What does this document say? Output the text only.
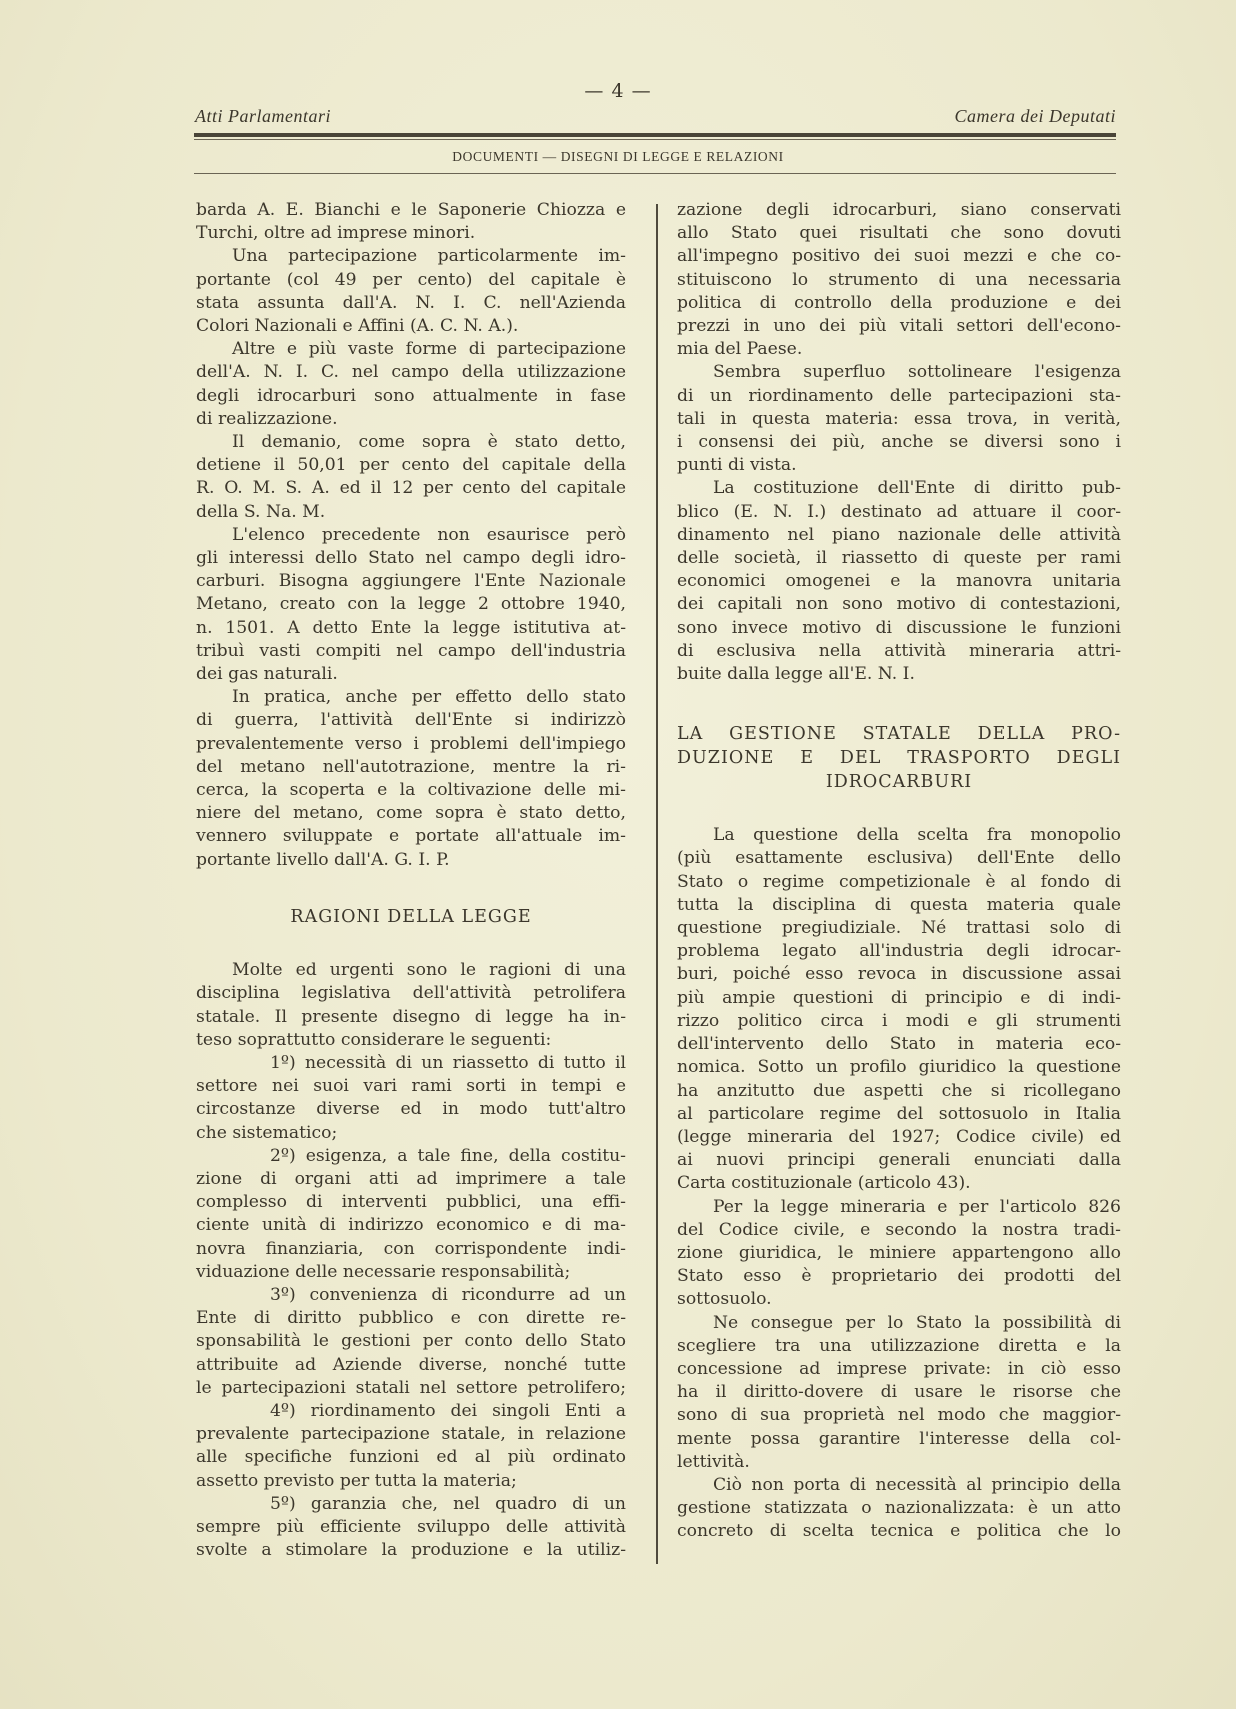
— 4 —
Atti Parlamentari	Camera dei Deputati
DOCUMENTI — DISEGNI DI LEGGE E RELAZIONI
barda A. E. Bianchi e le Saponerie Chiozza e
Turchi, oltre ad imprese minori.
Una partecipazione particolarmente im-
portante (col 49 per cento) del capitale è
stata assunta dall'A. N. I. C. nell'Azienda
Colori Nazionali e Affini (A. C. N. A.).
Altre e più vaste forme di partecipazione
dell'A. N. I. C. nel campo della utilizzazione
degli idrocarburi sono attualmente in fase
di realizzazione.
Il demanio, come sopra è stato detto,
detiene il 50,01 per cento del capitale della
R. O. M. S. A. ed il 12 per cento del capitale
della S. Na. M.
L'elenco precedente non esaurisce però
gli interessi dello Stato nel campo degli idro-
carburi. Bisogna aggiungere l'Ente Nazionale
Metano, creato con la legge 2 ottobre 1940,
n. 1501. A detto Ente la legge istitutiva at-
tribuì vasti compiti nel campo dell'industria
dei gas naturali.
In pratica, anche per effetto dello stato
di guerra, l'attività dell'Ente si indirizzò
prevalentemente verso i problemi dell'impiego
del metano nell'autotrazione, mentre la ri-
cerca, la scoperta e la coltivazione delle mi-
niere del metano, come sopra è stato detto,
vennero sviluppate e portate all'attuale im-
portante livello dall'A. G. I. P.
RAGIONI DELLA LEGGE
Molte ed urgenti sono le ragioni di una
disciplina legislativa dell'attività petrolifera
statale. Il presente disegno di legge ha in-
teso soprattutto considerare le seguenti:
1º) necessità di un riassetto di tutto il
settore nei suoi vari rami sorti in tempi e
circostanze diverse ed in modo tutt'altro
che sistematico;
2º) esigenza, a tale fine, della costitu-
zione di organi atti ad imprimere a tale
complesso di interventi pubblici, una effi-
ciente unità di indirizzo economico e di ma-
novra finanziaria, con corrispondente indi-
viduazione delle necessarie responsabilità;
3º) convenienza di ricondurre ad un
Ente di diritto pubblico e con dirette re-
sponsabilità le gestioni per conto dello Stato
attribuite ad Aziende diverse, nonché tutte
le partecipazioni statali nel settore petrolifero;
4º) riordinamento dei singoli Enti a
prevalente partecipazione statale, in relazione
alle specifiche funzioni ed al più ordinato
assetto previsto per tutta la materia;
5º) garanzia che, nel quadro di un
sempre più efficiente sviluppo delle attività
svolte a stimolare la produzione e la utiliz-
zazione degli idrocarburi, siano conservati
allo Stato quei risultati che sono dovuti
all'impegno positivo dei suoi mezzi e che co-
stituiscono lo strumento di una necessaria
politica di controllo della produzione e dei
prezzi in uno dei più vitali settori dell'econo-
mia del Paese.
Sembra superfluo sottolineare l'esigenza
di un riordinamento delle partecipazioni sta-
tali in questa materia: essa trova, in verità,
i consensi dei più, anche se diversi sono i
punti di vista.
La costituzione dell'Ente di diritto pub-
blico (E. N. I.) destinato ad attuare il coor-
dinamento nel piano nazionale delle attività
delle società, il riassetto di queste per rami
economici omogenei e la manovra unitaria
dei capitali non sono motivo di contestazioni,
sono invece motivo di discussione le funzioni
di esclusiva nella attività mineraria attri-
buite dalla legge all'E. N. I.
LA GESTIONE STATALE DELLA PRO-
DUZIONE E DEL TRASPORTO DEGLI
IDROCARBURI
La questione della scelta fra monopolio
(più esattamente esclusiva) dell'Ente dello
Stato o regime competizionale è al fondo di
tutta la disciplina di questa materia quale
questione pregiudiziale. Né trattasi solo di
problema legato all'industria degli idrocar-
buri, poiché esso revoca in discussione assai
più ampie questioni di principio e di indi-
rizzo politico circa i modi e gli strumenti
dell'intervento dello Stato in materia eco-
nomica. Sotto un profilo giuridico la questione
ha anzitutto due aspetti che si ricollegano
al particolare regime del sottosuolo in Italia
(legge mineraria del 1927; Codice civile) ed
ai nuovi principi generali enunciati dalla
Carta costituzionale (articolo 43).
Per la legge mineraria e per l'articolo 826
del Codice civile, e secondo la nostra tradi-
zione giuridica, le miniere appartengono allo
Stato esso è proprietario dei prodotti del
sottosuolo.
Ne consegue per lo Stato la possibilità di
scegliere tra una utilizzazione diretta e la
concessione ad imprese private: in ciò esso
ha il diritto-dovere di usare le risorse che
sono di sua proprietà nel modo che maggior-
mente possa garantire l'interesse della col-
lettività.
Ciò non porta di necessità al principio della
gestione statizzata o nazionalizzata: è un atto
concreto di scelta tecnica e politica che lo
